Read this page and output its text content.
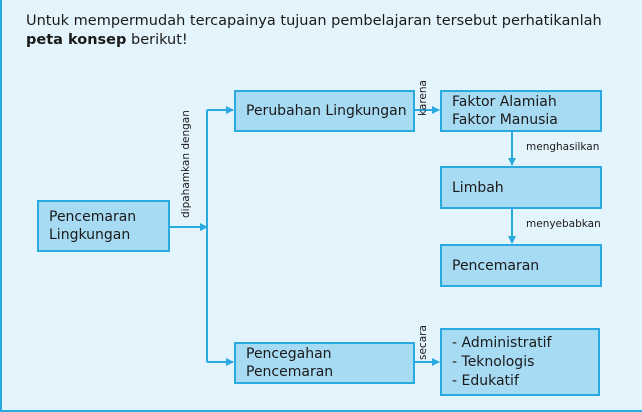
Untuk mempermudah tercapainya tujuan pembelajaran tersebut perhatikanlah peta konsep berikut!
Pencemaran Lingkungan
Perubahan Lingkungan
Faktor Alamiah
Faktor Manusia
Limbah
Pencemaran
Pencegahan Pencemaran
- Administratif
- Teknologis
- Edukatif
dipahamkan dengan
karena
secara
menghasilkan
menyebabkan
